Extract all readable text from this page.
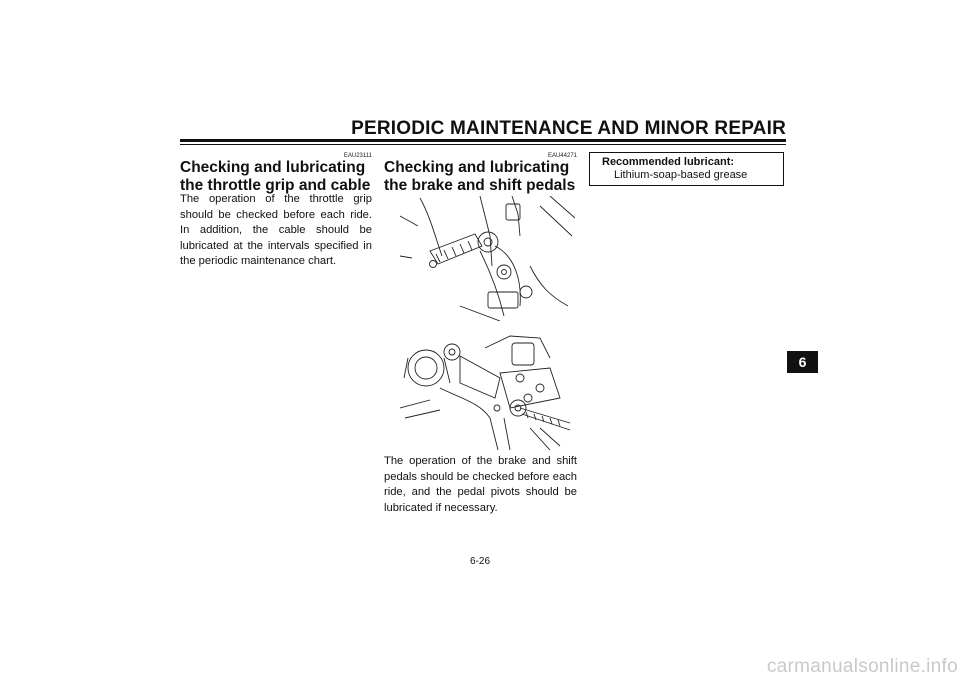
PERIODIC MAINTENANCE AND MINOR REPAIR
EAU23111
Checking and lubricating the throttle grip and cable

The operation of the throttle grip should be checked before each ride. In addition, the cable should be lubricated at the intervals specified in the periodic maintenance chart.

EAU44271
Checking and lubricating the brake and shift pedals

The operation of the brake and shift pedals should be checked before each ride, and the pedal pivots should be lubricated if necessary.

Recommended lubricant:
Lithium-soap-based grease
6
6-26
carmanualsonline.info
